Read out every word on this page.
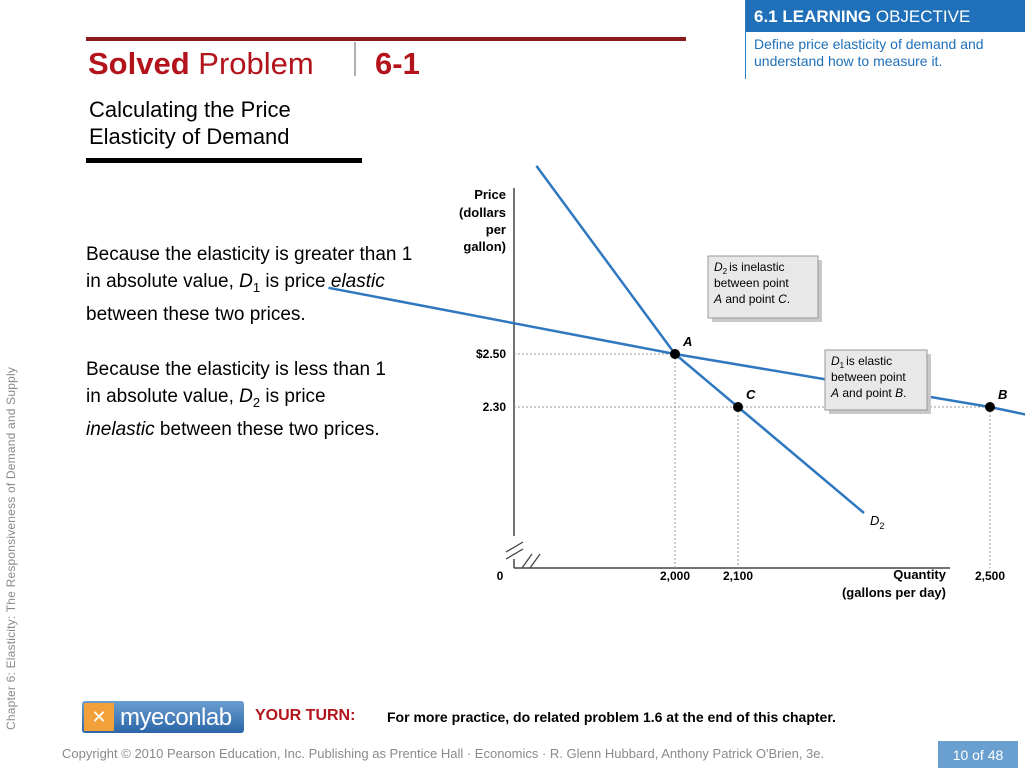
Chapter 6: Elasticity: The Responsiveness of Demand and Supply
Solved Problem 6-1
Calculating the Price Elasticity of Demand
6.1 LEARNING OBJECTIVE
Define price elasticity of demand and understand how to measure it.
Because the elasticity is greater than 1 in absolute value, $D_1$ is price elastic between these two prices.
Because the elasticity is less than 1 in absolute value, $D_2$ is price inelastic between these two prices.
Price
(dollars
per
gallon)
0
$D_2$
$2.50
2.30
2,000	2,100	2,500
A
C	B
$D_2$ is inelastic
between point
A and point C.
$D_1$ is elastic
between point
A and point B.
Quantity
(gallons per day)
✕ myeconlab YOUR TURN: For more practice, do related problem 1.6 at the end of this chapter.
Copyright © 2010 Pearson Education, Inc. Publishing as Prentice Hall · Economics · R. Glenn Hubbard, Anthony Patrick O'Brien, 3e.	10 of 48
